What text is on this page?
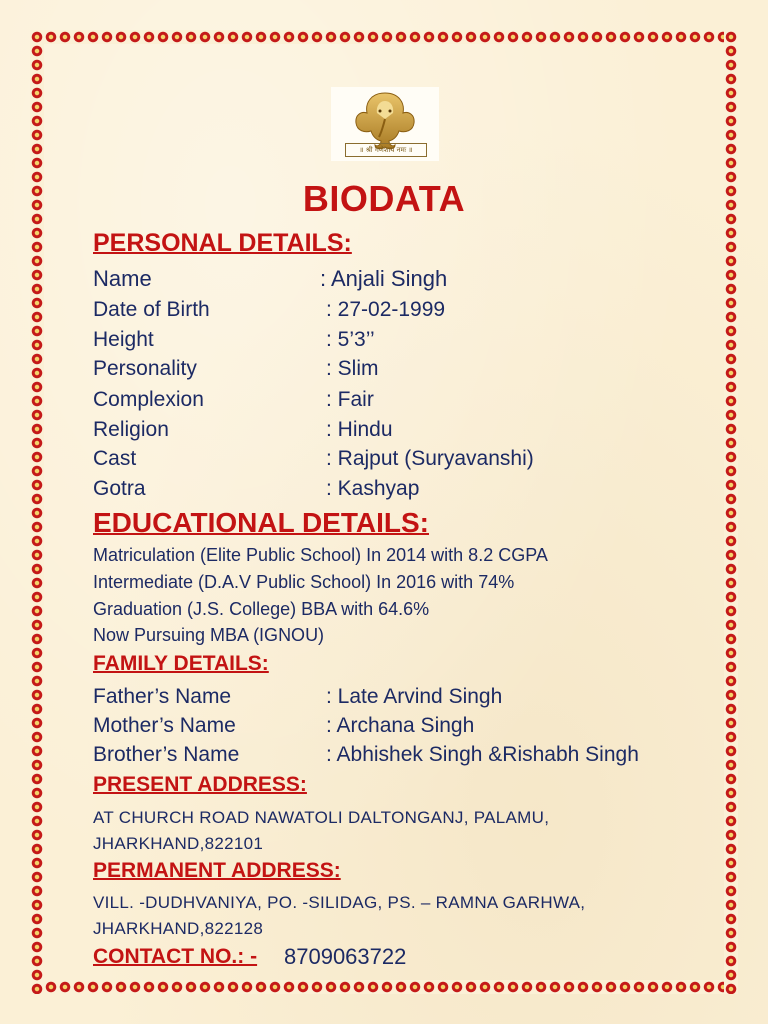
॥ श्री गणेशाय नमः ॥
BIODATA
PERSONAL DETAILS:
Name	: Anjali Singh
Date of Birth	: 27-02-1999
Height	: 5’3’’
Personality	: Slim
Complexion	: Fair
Religion	: Hindu
Cast	: Rajput (Suryavanshi)
Gotra	: Kashyap
EDUCATIONAL DETAILS:
Matriculation (Elite Public School) In 2014 with 8.2 CGPA
Intermediate (D.A.V Public School) In 2016 with 74%
Graduation (J.S. College) BBA with 64.6%
Now Pursuing MBA (IGNOU)
FAMILY DETAILS:
Father’s Name	: Late Arvind Singh
Mother’s Name	: Archana Singh
Brother’s Name	: Abhishek Singh &Rishabh Singh
PRESENT ADDRESS:
AT CHURCH ROAD NAWATOLI DALTONGANJ, PALAMU,
JHARKHAND,822101
PERMANENT ADDRESS:
VILL. -DUDHVANIYA, PO. -SILIDAG, PS. – RAMNA GARHWA,
JHARKHAND,822128
CONTACT NO.: - 8709063722
